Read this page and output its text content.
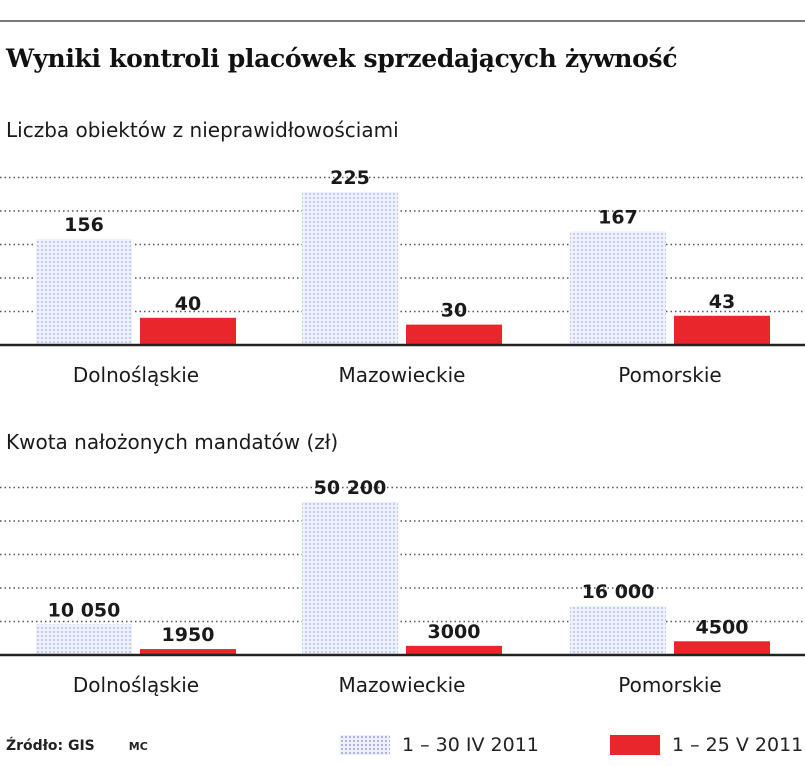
Wyniki kontroli placówek sprzedających żywność
Liczba obiektów z nieprawidłowościami
156
40
Dolnośląskie
225
30
Mazowieckie
167
43
Pomorskie
Kwota nałożonych mandatów (zł)
10 050
1950
Dolnośląskie
50 200
3000
Mazowieckie
16 000
4500
Pomorskie
Źródło: GIS	MC	1 – 30 IV 2011	1 – 25 V 2011
